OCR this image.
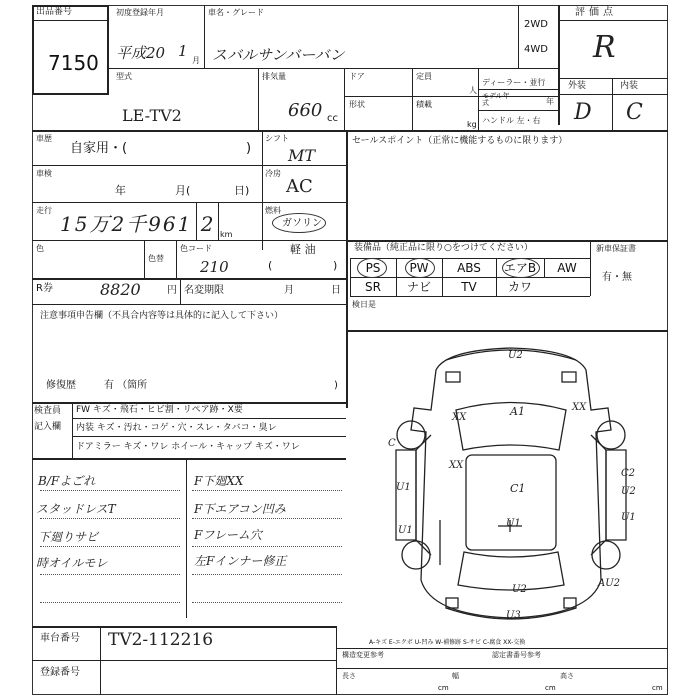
出品番号
7150
初度登録年月
平成20 1
月
車名・グレード
スバルサンバーバン
2WD
4WD
評価点
R
型式
LE-TV2
排気量
660 cc
ドア	定員
人
形状	積載
kg
ディーラー・並行
モデル年式	年
ハンドル 左・右
外装	内装
D C
車歴
自家用・(	)
シフト
MT
車検
年	月(	日)
冷房
AC
走行
15万2千961 2 km
燃料
ガソリン
色
色替
色コード
210
軽 油
(	)
R券	8820	円 名変期限	月	日
注意事項申告欄（不具合内容等は具体的に記入して下さい）
修復歴	有 （箇所	)
検査員
記入欄
FW キズ・飛石・ヒビ割・リペア跡・X要
内装 キズ・汚れ・コゲ・穴・スレ・タバコ・臭レ
ドアミラー キズ・ワレ ホイール・キャップ キズ・ワレ
B/Fよごれ
スタッドレスT
下廻りサビ
時オイルモレ
F下廻XX
F下エアコン凹み
Fフレーム穴
左Fインナー修正
セールスポイント（正常に機能するものに限ります）
装備品（純正品に限り○をつけてください）	新車保証書
有・無
PS	PW	ABS	エアB	AW
SR	ナビ	TV	カワ
検日是
U2
U2
U3
A1
C1
XX
XX
XX
C2
U2
U1
U1
U1
U1
C
AU2
車台番号 TV2-112216
登録番号
A-キズ E-エクボ U-凹み W-補修跡 S-サビ C-腐食 XX-交換
構造変更参考	認定書番号参考
長さ	幅	高さ
cm	cm	cm
